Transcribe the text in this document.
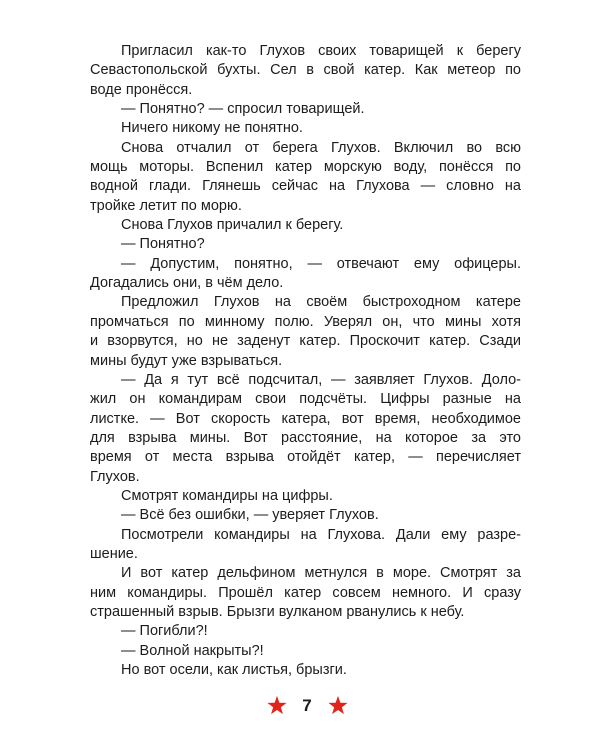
Пригласил как-то Глухов своих товарищей к берегу
Севастопольской бухты. Сел в свой катер. Как метеор по
воде пронёсся.
— Понятно? — спросил товарищей.
Ничего никому не понятно.
Снова отчалил от берега Глухов. Включил во всю
мощь моторы. Вспенил катер морскую воду, понёсся по
водной глади. Глянешь сейчас на Глухова — словно на
тройке летит по морю.
Снова Глухов причалил к берегу.
— Понятно?
— Допустим, понятно, — отвечают ему офицеры.
Догадались они, в чём дело.
Предложил Глухов на своём быстроходном катере
промчаться по минному полю. Уверял он, что мины хотя
и взорвутся, но не заденут катер. Проскочит катер. Сзади
мины будут уже взрываться.
— Да я тут всё подсчитал, — заявляет Глухов. Доло-
жил он командирам свои подсчёты. Цифры разные на
листке. — Вот скорость катера, вот время, необходимое
для взрыва мины. Вот расстояние, на которое за это
время от места взрыва отойдёт катер, — перечисляет
Глухов.
Смотрят командиры на цифры.
— Всё без ошибки, — уверяет Глухов.
Посмотрели командиры на Глухова. Дали ему разре-
шение.
И вот катер дельфином метнулся в море. Смотрят за
ним командиры. Прошёл катер совсем немного. И сразу
страшенный взрыв. Брызги вулканом рванулись к небу.
— Погибли?!
— Волной накрыты?!
Но вот осели, как листья, брызги.
7
